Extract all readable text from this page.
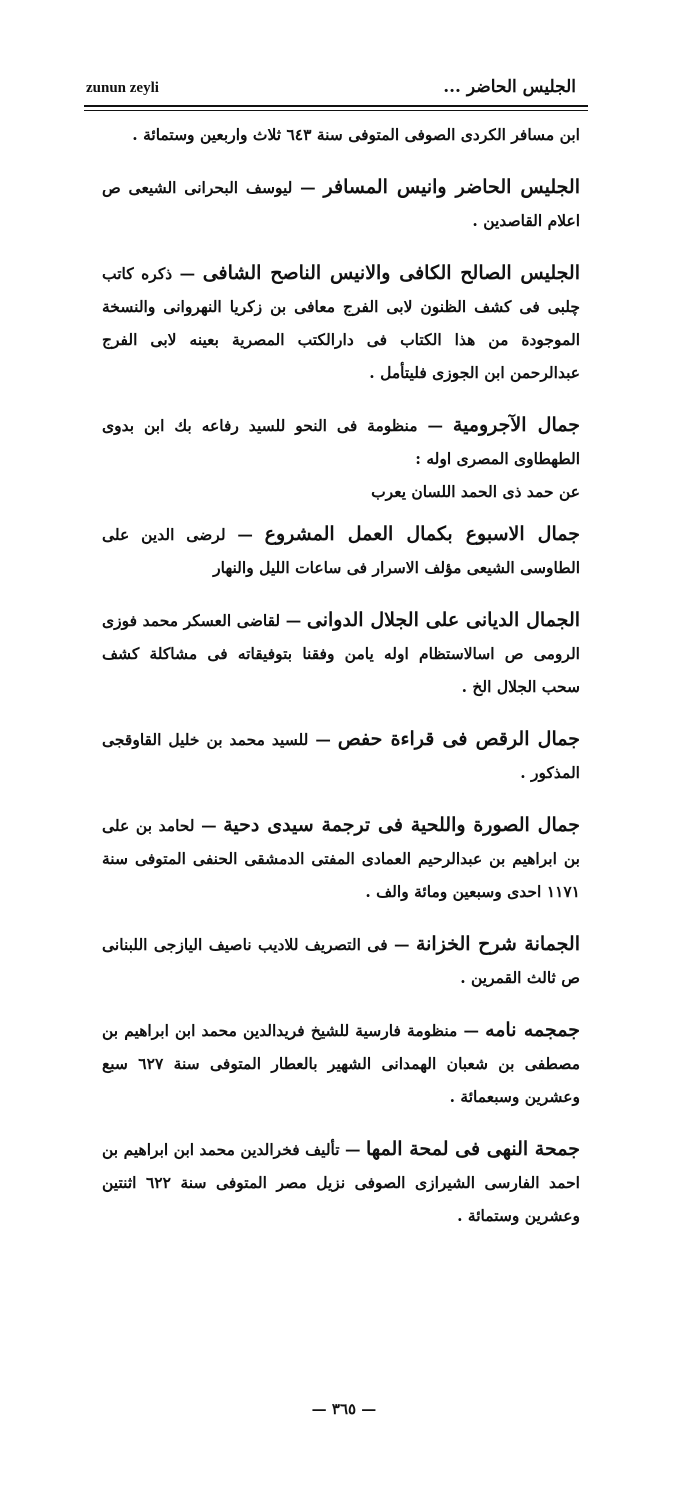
zunun zeyli	الجليس الحاضر ...

ابن مسافر الكردى الصوفى المتوفى سنة ٦٤٣ ثلاث واربعين وستمائة .

الجليس الحاضر وانيس المسافر — ليوسف البحرانى الشيعى ص اعلام القاصدين .

الجليس الصالح الكافى والانيس الناصح الشافى — ذكره كاتب چلبى فى كشف الظنون لابى الفرج معافى بن زكريا النهروانى والنسخة الموجودة من هذا الكتاب فى دارالكتب المصرية بعينه لابى الفرج عبدالرحمن ابن الجوزى فليتأمل .

جمال الآجرومية — منظومة فى النحو للسيد رفاعه بك ابن بدوى الطهطاوى المصرى اوله :

عن حمد ذى الحمد اللسان يعرب

جمال الاسبوع بكمال العمل المشروع — لرضى الدين على الطاوسى الشيعى مؤلف الاسرار فى ساعات الليل والنهار

الجمال الديانى على الجلال الدوانى — لقاضى العسكر محمد فوزى الرومى ص اسالاستظام اوله يامن وفقنا بتوفيقاته فى مشاكلة كشف سحب الجلال الخ .

جمال الرقص فى قراءة حفص — للسيد محمد بن خليل القاوقجى المذكور .

جمال الصورة واللحية فى ترجمة سيدى دحية — لحامد بن على بن ابراهيم بن عبدالرحيم العمادى المفتى الدمشقى الحنفى المتوفى سنة ١١٧١ احدى وسبعين ومائة والف .

الجمانة شرح الخزانة — فى التصريف للاديب ناصيف اليازجى اللبنانى ص ثالث القمرين .

جمجمه نامه — منظومة فارسية للشيخ فريدالدين محمد ابن ابراهيم بن مصطفى بن شعبان الهمدانى الشهير بالعطار المتوفى سنة ٦٢٧ سبع وعشرين وسبعمائة .

جمحة النهى فى لمحة المها — تأليف فخرالدين محمد ابن ابراهيم بن احمد الفارسى الشيرازى الصوفى نزيل مصر المتوفى سنة ٦٢٢ اثنتين وعشرين وستمائة .

— ٣٦٥ —
